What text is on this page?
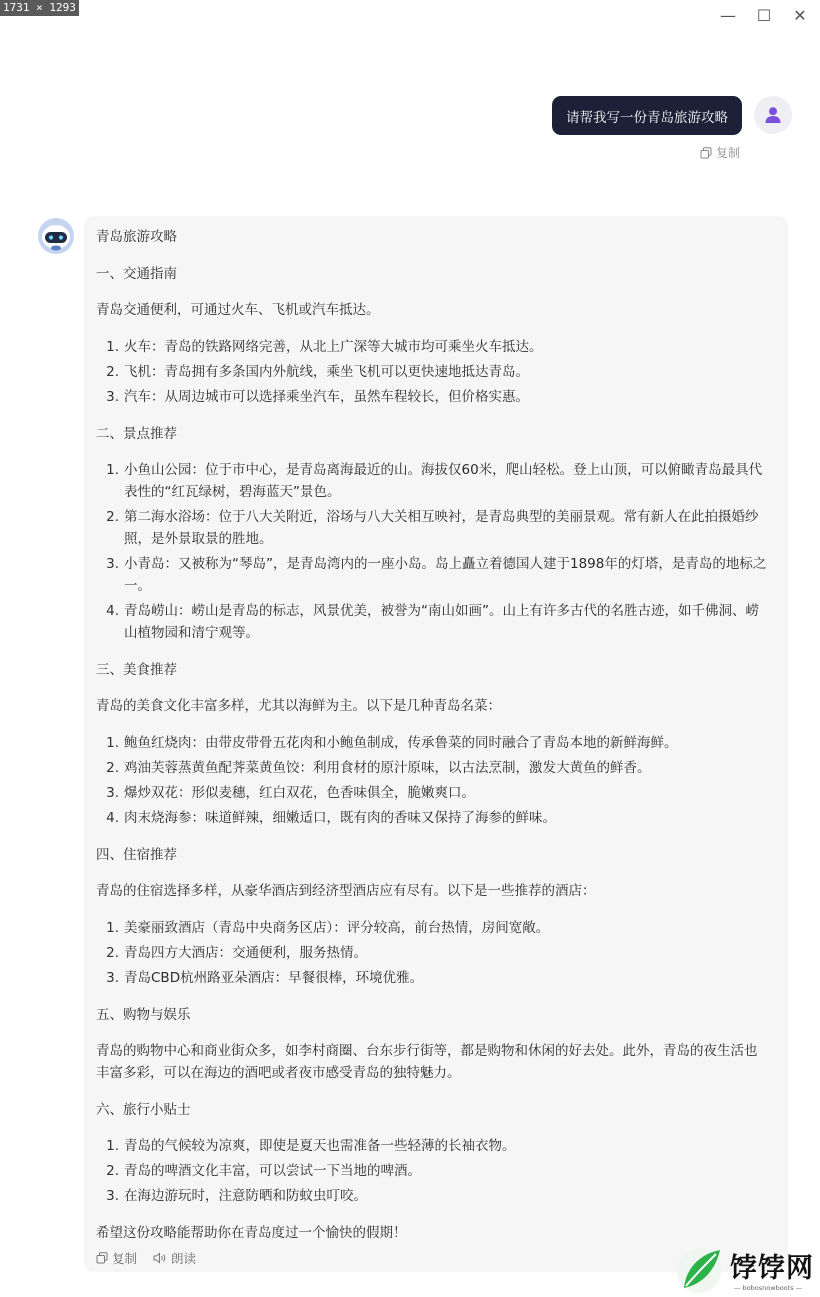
1731 × 1293	—	☐	✕
请帮我写一份青岛旅游攻略
复制
青岛旅游攻略
一、交通指南
青岛交通便利，可通过火车、飞机或汽车抵达。
1. 火车：青岛的铁路网络完善，从北上广深等大城市均可乘坐火车抵达。
2. 飞机：青岛拥有多条国内外航线，乘坐飞机可以更快速地抵达青岛。
3. 汽车：从周边城市可以选择乘坐汽车，虽然车程较长，但价格实惠。
二、景点推荐
1. 小鱼山公园：位于市中心，是青岛离海最近的山。海拔仅60米，爬山轻松。登上山顶，可以俯瞰青岛最具代表性的“红瓦绿树，碧海蓝天”景色。
2. 第二海水浴场：位于八大关附近，浴场与八大关相互映衬，是青岛典型的美丽景观。常有新人在此拍摄婚纱照，是外景取景的胜地。
3. 小青岛：又被称为“琴岛”，是青岛湾内的一座小岛。岛上矗立着德国人建于1898年的灯塔，是青岛的地标之一。
4. 青岛崂山：崂山是青岛的标志，风景优美，被誉为“南山如画”。山上有许多古代的名胜古迹，如千佛洞、崂山植物园和清宁观等。
三、美食推荐
青岛的美食文化丰富多样，尤其以海鲜为主。以下是几种青岛名菜：
1. 鲍鱼红烧肉：由带皮带骨五花肉和小鲍鱼制成，传承鲁菜的同时融合了青岛本地的新鲜海鲜。
2. 鸡油芙蓉蒸黄鱼配荠菜黄鱼饺：利用食材的原汁原味，以古法烹制，激发大黄鱼的鲜香。
3. 爆炒双花：形似麦穗，红白双花，色香味俱全，脆嫩爽口。
4. 肉末烧海参：味道鲜辣，细嫩适口，既有肉的香味又保持了海参的鲜味。
四、住宿推荐
青岛的住宿选择多样，从豪华酒店到经济型酒店应有尽有。以下是一些推荐的酒店：
1. 美豪丽致酒店（青岛中央商务区店）：评分较高，前台热情，房间宽敞。
2. 青岛四方大酒店：交通便利，服务热情。
3. 青岛CBD杭州路亚朵酒店：早餐很棒，环境优雅。
五、购物与娱乐
青岛的购物中心和商业街众多，如李村商圈、台东步行街等，都是购物和休闲的好去处。此外，青岛的夜生活也丰富多彩，可以在海边的酒吧或者夜市感受青岛的独特魅力。
六、旅行小贴士
1. 青岛的气候较为凉爽，即使是夏天也需准备一些轻薄的长袖衣物。
2. 青岛的啤酒文化丰富，可以尝试一下当地的啤酒。
3. 在海边游玩时，注意防晒和防蚊虫叮咬。
希望这份攻略能帮助你在青岛度过一个愉快的假期！
复制	朗读	饽饽网
— bobosnowboots —
